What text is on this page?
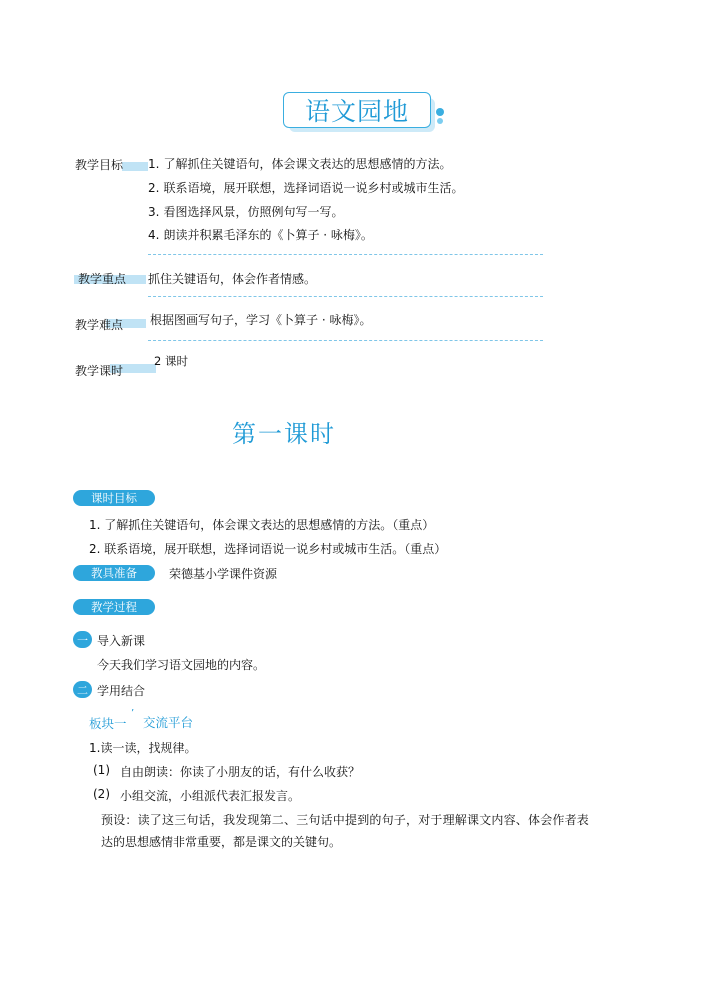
语文园地
教学目标 1. 了解抓住关键语句，体会课文表达的思想感情的方法。
2. 联系语境，展开联想，选择词语说一说乡村或城市生活。
3. 看图选择风景，仿照例句写一写。
4. 朗读并积累毛泽东的《卜算子 · 咏梅》。
教学重点 抓住关键语句，体会作者情感。
教学难点 根据图画写句子，学习《卜算子 · 咏梅》。
教学课时
2 课时
第一课时
课时目标
1. 了解抓住关键语句，体会课文表达的思想感情的方法。（重点）
2. 联系语境，展开联想，选择词语说一说乡村或城市生活。（重点）
教具准备	荣德基小学课件资源
教学过程
一 导入新课
今天我们学习语文园地的内容。
二 学用结合
板块一
’
交流平台
1.读一读，找规律。
(1) 自由朗读：你读了小朋友的话，有什么收获？
(2) 小组交流，小组派代表汇报发言。
预设：读了这三句话，我发现第二、三句话中提到的句子，对于理解课文内容、体会作者表
达的思想感情非常重要，都是课文的关键句。
